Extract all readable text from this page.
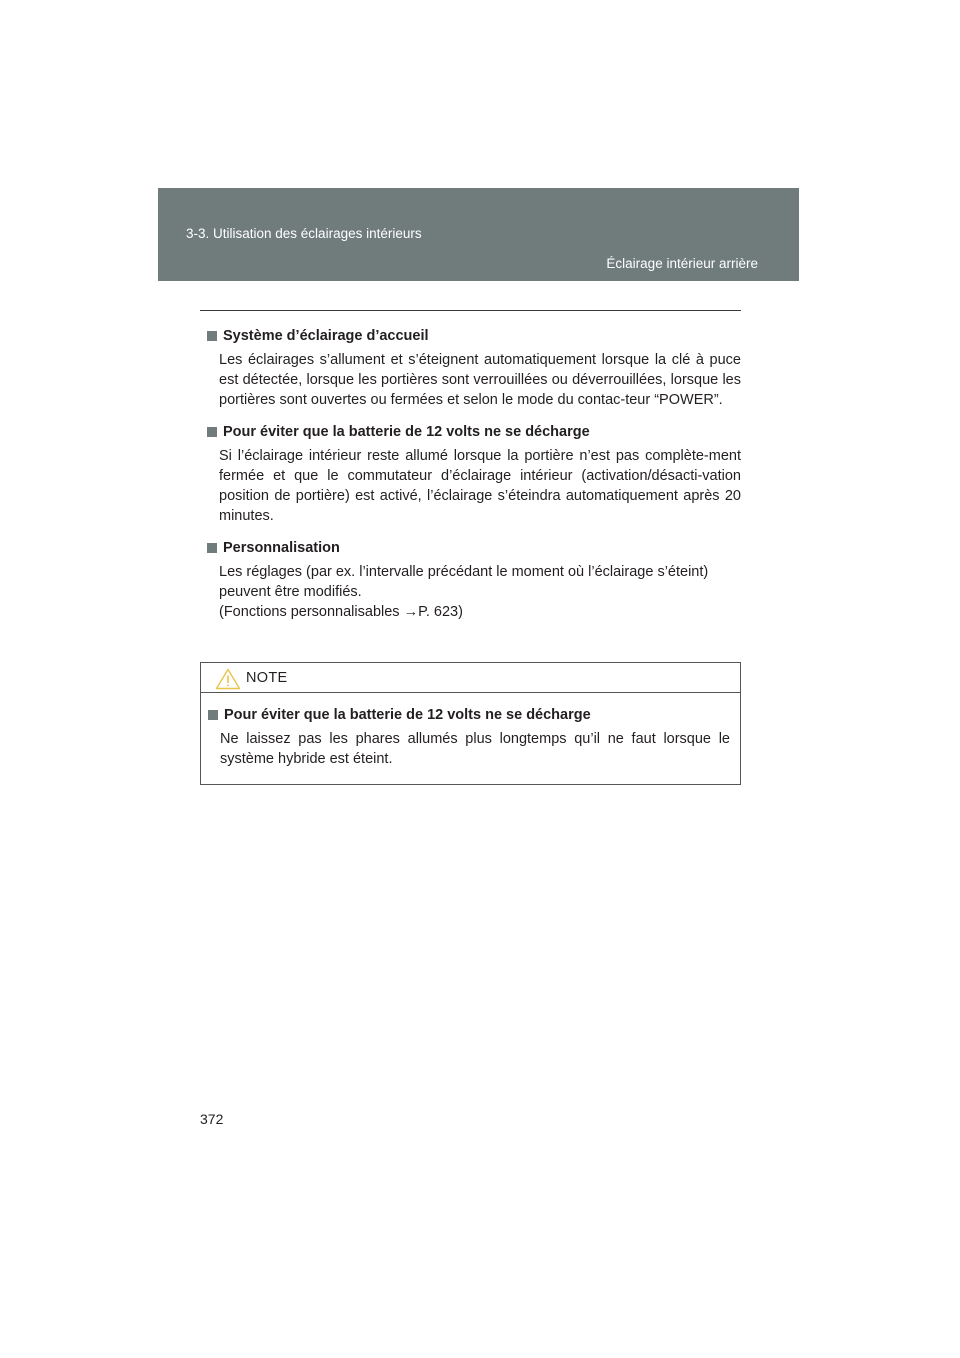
3-3. Utilisation des éclairages intérieurs
Éclairage intérieur arrière
Système d’éclairage d’accueil
Les éclairages s’allument et s’éteignent automatiquement lorsque la clé à puce est détectée, lorsque les portières sont verrouillées ou déverrouillées, lorsque les portières sont ouvertes ou fermées et selon le mode du contac-teur “POWER”.
Pour éviter que la batterie de 12 volts ne se décharge
Si l’éclairage intérieur reste allumé lorsque la portière n’est pas complète-ment fermée et que le commutateur d’éclairage intérieur (activation/désacti-vation position de portière) est activé, l’éclairage s’éteindra automatiquement après 20 minutes.
Personnalisation
Les réglages (par ex. l’intervalle précédant le moment où l’éclairage s’éteint) peuvent être modifiés.
(Fonctions personnalisables →P. 623)
NOTE
Pour éviter que la batterie de 12 volts ne se décharge
Ne laissez pas les phares allumés plus longtemps qu’il ne faut lorsque le système hybride est éteint.
372
